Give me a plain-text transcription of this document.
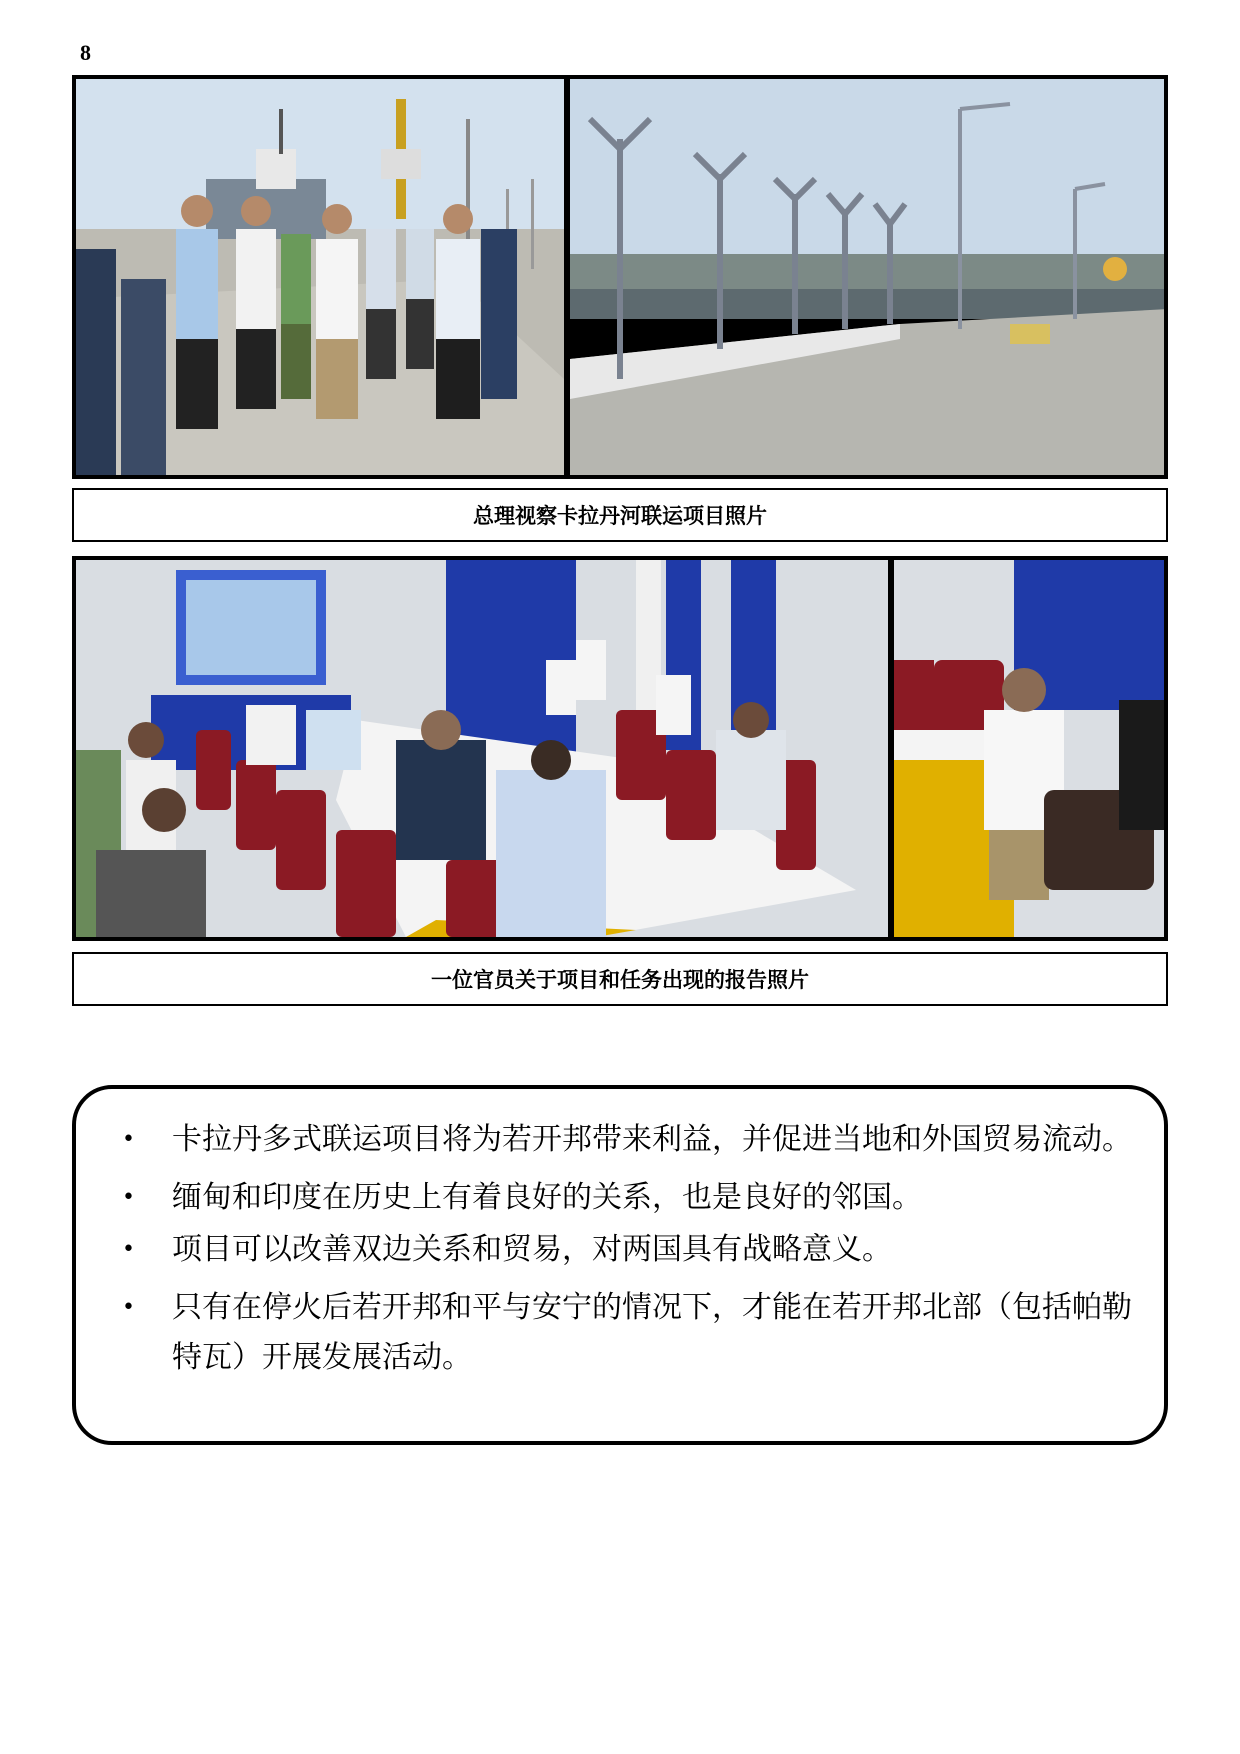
8
总理视察卡拉丹河联运项目照片
一位官员关于项目和任务出现的报告照片
• 卡拉丹多式联运项目将为若开邦带来利益，并促进当地和外国贸易流动。
• 缅甸和印度在历史上有着良好的关系，也是良好的邻国。
• 项目可以改善双边关系和贸易，对两国具有战略意义。
• 只有在停火后若开邦和平与安宁的情况下，才能在若开邦北部（包括帕勒特瓦）开展发展活动。
